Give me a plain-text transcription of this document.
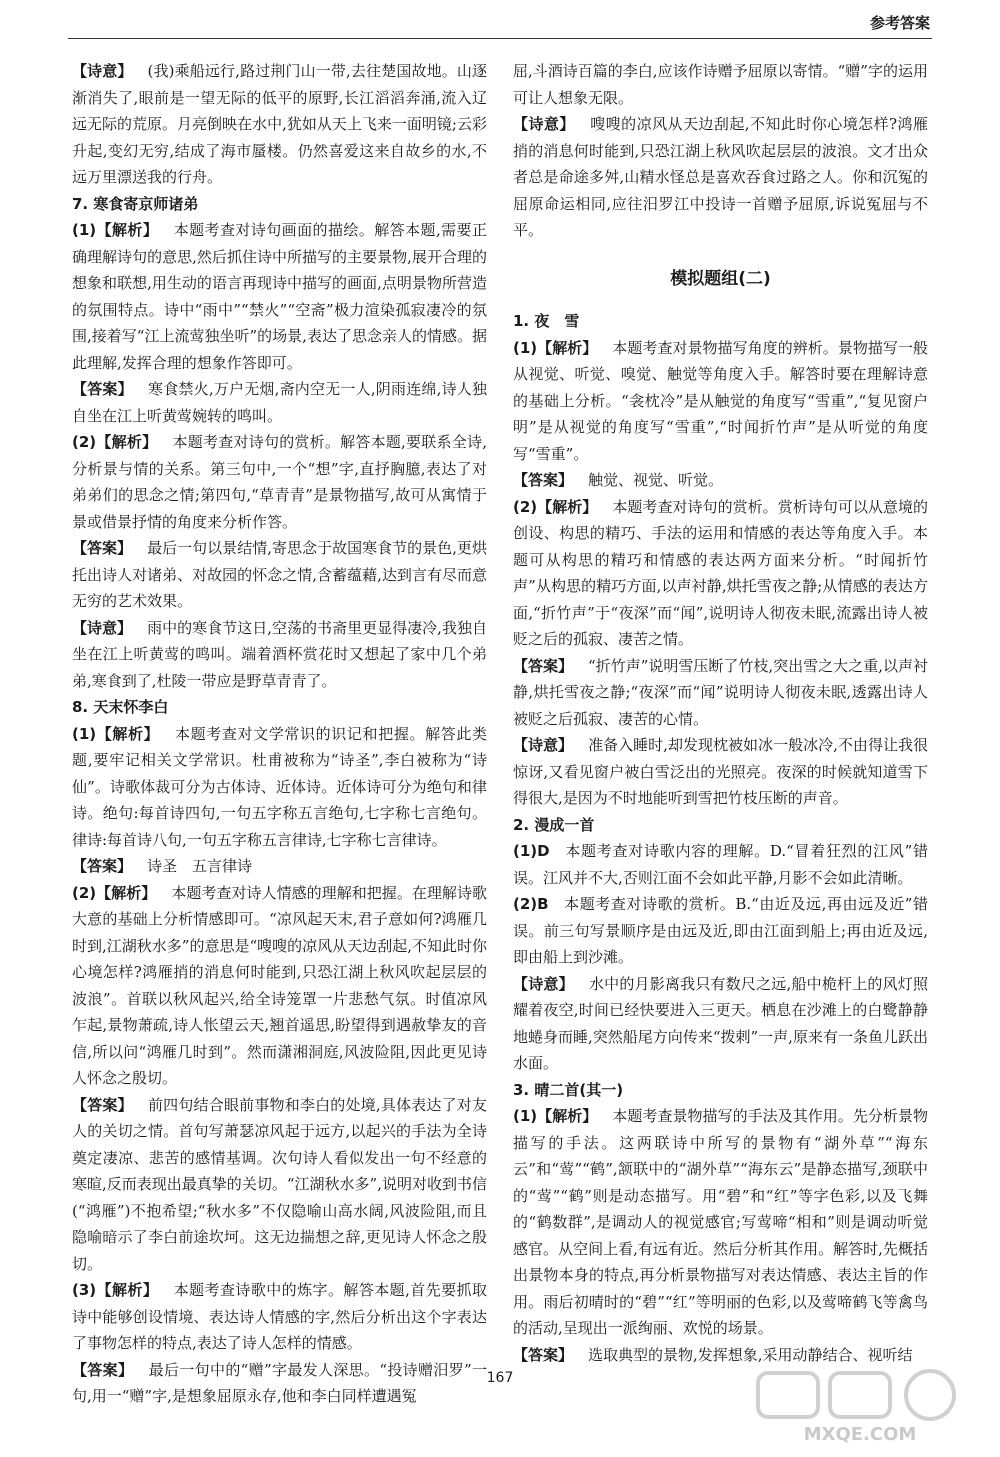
参考答案

【诗意】  (我)乘船远行,路过荆门山一带,去往楚国故地。山逐渐消失了,眼前是一望无际的低平的原野,长江滔滔奔涌,流入辽远无际的荒原。月亮倒映在水中,犹如从天上飞来一面明镜;云彩升起,变幻无穷,结成了海市蜃楼。仍然喜爱这来自故乡的水,不远万里漂送我的行舟。

7. 寒食寄京师诸弟

(1)【解析】  本题考查对诗句画面的描绘。解答本题,需要正确理解诗句的意思,然后抓住诗中所描写的主要景物,展开合理的想象和联想,用生动的语言再现诗中描写的画面,点明景物所营造的氛围特点。诗中“雨中”“禁火”“空斋”极力渲染孤寂凄冷的氛围,接着写“江上流莺独坐听”的场景,表达了思念亲人的情感。据此理解,发挥合理的想象作答即可。

【答案】  寒食禁火,万户无烟,斋内空无一人,阴雨连绵,诗人独自坐在江上听黄莺婉转的鸣叫。

(2)【解析】  本题考查对诗句的赏析。解答本题,要联系全诗,分析景与情的关系。第三句中,一个“想”字,直抒胸臆,表达了对弟弟们的思念之情;第四句,“草青青”是景物描写,故可从寓情于景或借景抒情的角度来分析作答。

【答案】  最后一句以景结情,寄思念于故国寒食节的景色,更烘托出诗人对诸弟、对故园的怀念之情,含蓄蕴藉,达到言有尽而意无穷的艺术效果。

【诗意】  雨中的寒食节这日,空荡的书斋里更显得凄冷,我独自坐在江上听黄莺的鸣叫。端着酒杯赏花时又想起了家中几个弟弟,寒食到了,杜陵一带应是野草青青了。

8. 天末怀李白

(1)【解析】  本题考查对文学常识的识记和把握。解答此类题,要牢记相关文学常识。杜甫被称为“诗圣”,李白被称为“诗仙”。诗歌体裁可分为古体诗、近体诗。近体诗可分为绝句和律诗。绝句:每首诗四句,一句五字称五言绝句,七字称七言绝句。律诗:每首诗八句,一句五字称五言律诗,七字称七言律诗。

【答案】  诗圣　五言律诗

(2)【解析】  本题考查对诗人情感的理解和把握。在理解诗歌大意的基础上分析情感即可。“凉风起天末,君子意如何?鸿雁几时到,江湖秋水多”的意思是“嗖嗖的凉风从天边刮起,不知此时你心境怎样?鸿雁捎的消息何时能到,只恐江湖上秋风吹起层层的波浪”。首联以秋风起兴,给全诗笼罩一片悲愁气氛。时值凉风乍起,景物萧疏,诗人怅望云天,翘首遥思,盼望得到遇赦挚友的音信,所以问“鸿雁几时到”。然而潇湘洞庭,风波险阻,因此更见诗人怀念之殷切。

【答案】  前四句结合眼前事物和李白的处境,具体表达了对友人的关切之情。首句写萧瑟凉风起于远方,以起兴的手法为全诗奠定凄凉、悲苦的感情基调。次句诗人看似发出一句不经意的寒暄,反而表现出最真挚的关切。“江湖秋水多”,说明对收到书信(“鸿雁”)不抱希望;“秋水多”不仅隐喻山高水阔,风波险阻,而且隐喻暗示了李白前途坎坷。这无边揣想之辞,更见诗人怀念之殷切。

(3)【解析】  本题考查诗歌中的炼字。解答本题,首先要抓取诗中能够创设情境、表达诗人情感的字,然后分析出这个字表达了事物怎样的特点,表达了诗人怎样的情感。

【答案】  最后一句中的“赠”字最发人深思。“投诗赠汨罗”一句,用一“赠”字,是想象屈原永存,他和李白同样遭遇冤

屈,斗酒诗百篇的李白,应该作诗赠予屈原以寄情。“赠”字的运用可让人想象无限。

【诗意】  嗖嗖的凉风从天边刮起,不知此时你心境怎样?鸿雁捎的消息何时能到,只恐江湖上秋风吹起层层的波浪。文才出众者总是命途多舛,山精水怪总是喜欢吞食过路之人。你和沉冤的屈原命运相同,应往汨罗江中投诗一首赠予屈原,诉说冤屈与不平。

模拟题组(二)

1. 夜　雪

(1)【解析】  本题考查对景物描写角度的辨析。景物描写一般从视觉、听觉、嗅觉、触觉等角度入手。解答时要在理解诗意的基础上分析。“衾枕冷”是从触觉的角度写“雪重”,“复见窗户明”是从视觉的角度写“雪重”,“时闻折竹声”是从听觉的角度写“雪重”。

【答案】  触觉、视觉、听觉。

(2)【解析】  本题考查对诗句的赏析。赏析诗句可以从意境的创设、构思的精巧、手法的运用和情感的表达等角度入手。本题可从构思的精巧和情感的表达两方面来分析。“时闻折竹声”从构思的精巧方面,以声衬静,烘托雪夜之静;从情感的表达方面,“折竹声”于“夜深”而“闻”,说明诗人彻夜未眠,流露出诗人被贬之后的孤寂、凄苦之情。

【答案】  “折竹声”说明雪压断了竹枝,突出雪之大之重,以声衬静,烘托雪夜之静;“夜深”而“闻”说明诗人彻夜未眠,透露出诗人被贬之后孤寂、凄苦的心情。

【诗意】  准备入睡时,却发现枕被如冰一般冰冷,不由得让我很惊讶,又看见窗户被白雪泛出的光照亮。夜深的时候就知道雪下得很大,是因为不时地能听到雪把竹枝压断的声音。

2. 漫成一首

(1)D  本题考查对诗歌内容的理解。D.“冒着狂烈的江风”错误。江风并不大,否则江面不会如此平静,月影不会如此清晰。

(2)B  本题考查对诗歌的赏析。B.“由近及远,再由远及近”错误。前三句写景顺序是由远及近,即由江面到船上;再由近及远,即由船上到沙滩。

【诗意】  水中的月影离我只有数尺之远,船中桅杆上的风灯照耀着夜空,时间已经快要进入三更天。栖息在沙滩上的白鹭静静地蜷身而睡,突然船尾方向传来“拨剌”一声,原来有一条鱼儿跃出水面。

3. 晴二首(其一)

(1)【解析】  本题考查景物描写的手法及其作用。先分析景物描写的手法。这两联诗中所写的景物有“湖外草”“海东云”和“莺”“鹤”,颔联中的“湖外草”“海东云”是静态描写,颈联中的“莺”“鹤”则是动态描写。用“碧”和“红”等字色彩,以及飞舞的“鹤数群”,是调动人的视觉感官;写莺啼“相和”则是调动听觉感官。从空间上看,有远有近。然后分析其作用。解答时,先概括出景物本身的特点,再分析景物描写对表达情感、表达主旨的作用。雨后初晴时的“碧”“红”等明丽的色彩,以及莺啼鹤飞等禽鸟的活动,呈现出一派绚丽、欢悦的场景。

【答案】  选取典型的景物,发挥想象,采用动静结合、视听结

167
MXQE.COM
